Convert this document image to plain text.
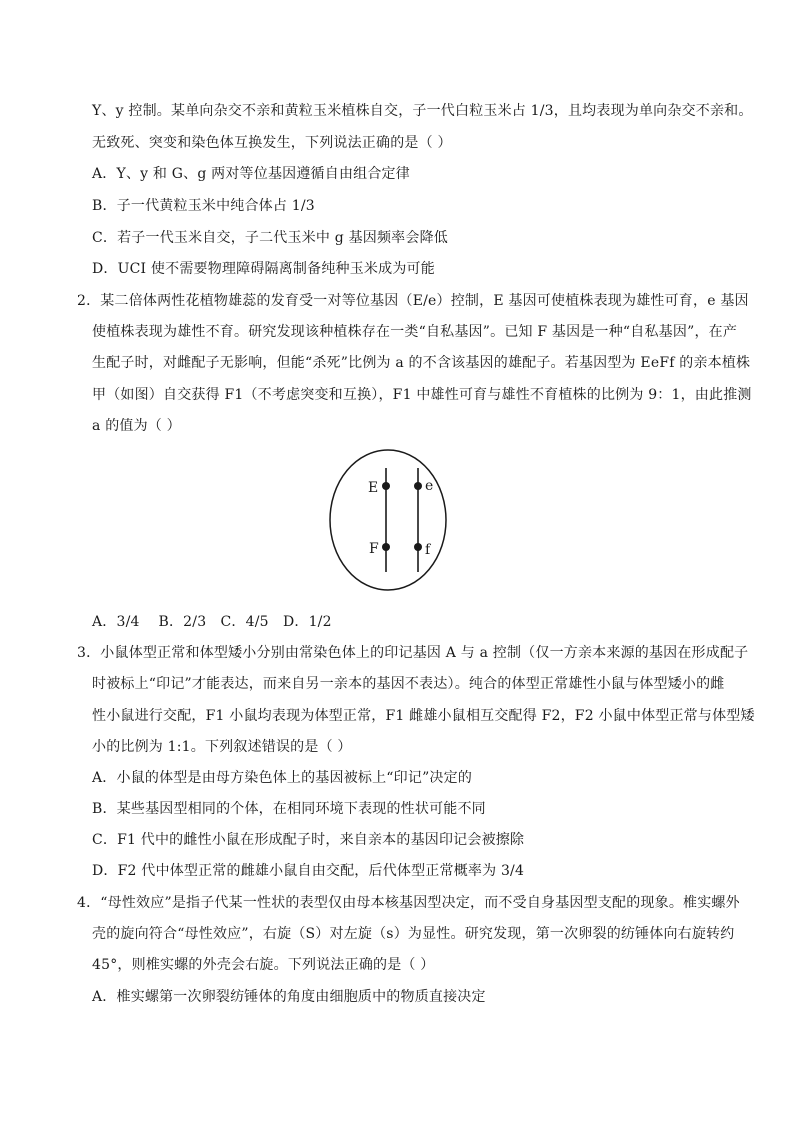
Y、y 控制。某单向杂交不亲和黄粒玉米植株自交，子一代白粒玉米占 1/3，且均表现为单向杂交不亲和。
无致死、突变和染色体互换发生，下列说法正确的是（ ）
A．Y、y 和 G、g 两对等位基因遵循自由组合定律
B．子一代黄粒玉米中纯合体占 1/3
C．若子一代玉米自交，子二代玉米中 g 基因频率会降低
D．UCI 使不需要物理障碍隔离制备纯种玉米成为可能
2．某二倍体两性花植物雄蕊的发育受一对等位基因（E/e）控制，E 基因可使植株表现为雄性可育，e 基因
使植株表现为雄性不育。研究发现该种植株存在一类“自私基因”。已知 F 基因是一种“自私基因”，在产
生配子时，对雌配子无影响，但能“杀死”比例为 a 的不含该基因的雄配子。若基因型为 EeFf 的亲本植株
甲（如图）自交获得 F1（不考虑突变和互换），F1 中雄性可育与雄性不育植株的比例为 9：1，由此推测
a 的值为（ ）
E	e
F	f
A．3/4　 B．2/3　C．4/5　D．1/2
3．小鼠体型正常和体型矮小分别由常染色体上的印记基因 A 与 a 控制（仅一方亲本来源的基因在形成配子
时被标上“印记”才能表达，而来自另一亲本的基因不表达）。纯合的体型正常雄性小鼠与体型矮小的雌
性小鼠进行交配，F1 小鼠均表现为体型正常，F1 雌雄小鼠相互交配得 F2，F2 小鼠中体型正常与体型矮
小的比例为 1:1。下列叙述错误的是（ ）
A．小鼠的体型是由母方染色体上的基因被标上“印记”决定的
B．某些基因型相同的个体，在相同环境下表现的性状可能不同
C．F1 代中的雌性小鼠在形成配子时，来自亲本的基因印记会被擦除
D．F2 代中体型正常的雌雄小鼠自由交配，后代体型正常概率为 3/4
4．“母性效应”是指子代某一性状的表型仅由母本核基因型决定，而不受自身基因型支配的现象。椎实螺外
壳的旋向符合“母性效应”，右旋（S）对左旋（s）为显性。研究发现，第一次卵裂的纺锤体向右旋转约
45°，则椎实螺的外壳会右旋。下列说法正确的是（ ）
A．椎实螺第一次卵裂纺锤体的角度由细胞质中的物质直接决定
